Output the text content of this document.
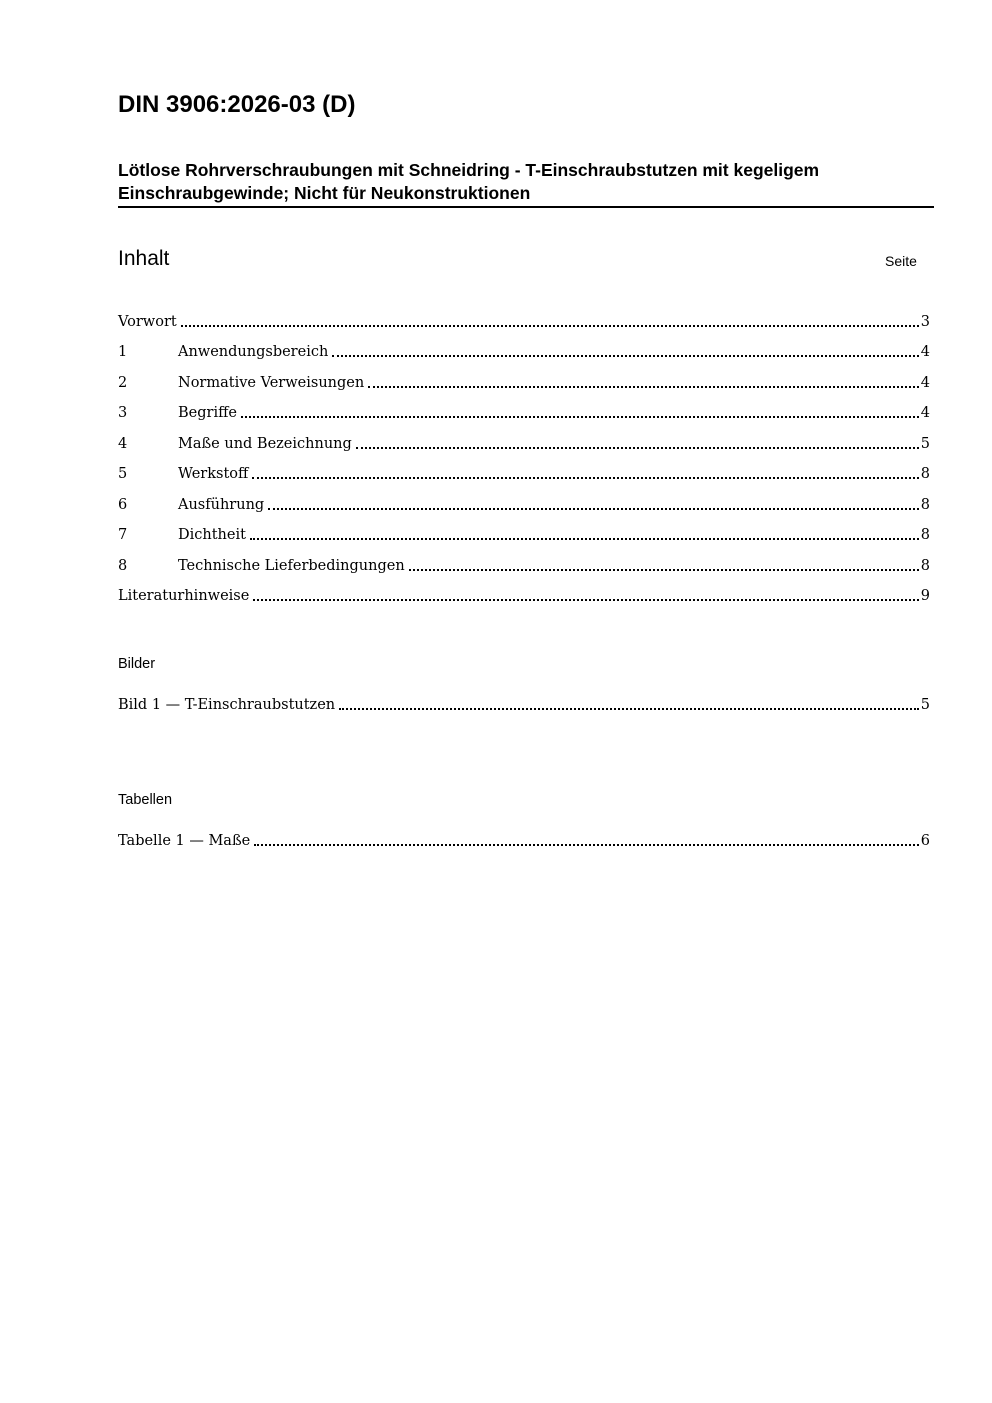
DIN 3906:2026-03 (D)
Lötlose Rohrverschraubungen mit Schneidring - T-Einschraubstutzen mit kegeligem
Einschraubgewinde; Nicht für Neukonstruktionen
Inhalt	Seite
Vorwort	3
1	Anwendungsbereich	4
2	Normative Verweisungen	4
3	Begriffe	4
4	Maße und Bezeichnung	5
5	Werkstoff	8
6	Ausführung	8
7	Dichtheit	8
8	Technische Lieferbedingungen	8
Literaturhinweise	9
Bilder
Bild 1 — T-Einschraubstutzen	5
Tabellen
Tabelle 1 — Maße	6
